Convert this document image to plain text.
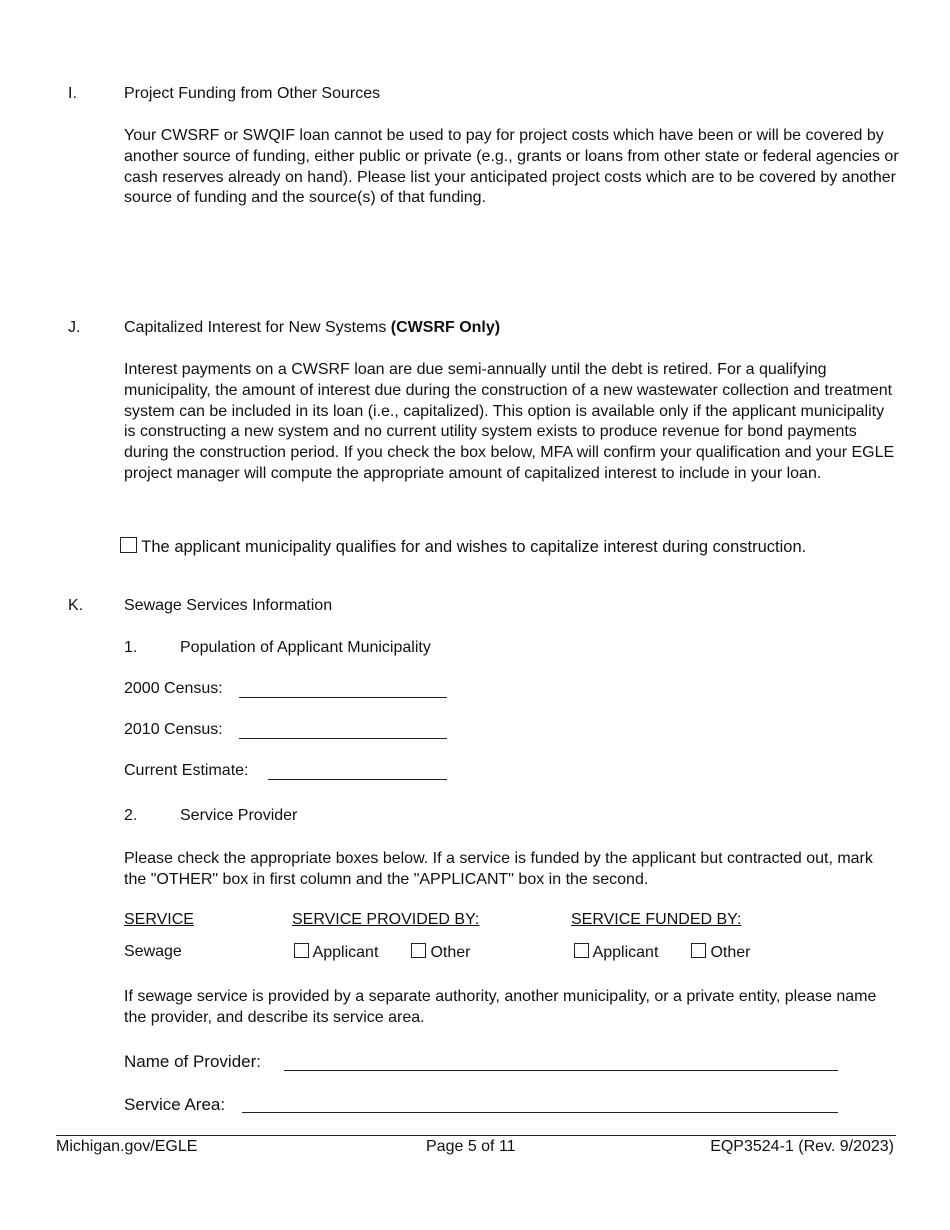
I.	Project Funding from Other Sources
Your CWSRF or SWQIF loan cannot be used to pay for project costs which have been or will be covered by another source of funding, either public or private (e.g., grants or loans from other state or federal agencies or cash reserves already on hand). Please list your anticipated project costs which are to be covered by another source of funding and the source(s) of that funding.
J.	Capitalized Interest for New Systems (CWSRF Only)
Interest payments on a CWSRF loan are due semi-annually until the debt is retired. For a qualifying municipality, the amount of interest due during the construction of a new wastewater collection and treatment system can be included in its loan (i.e., capitalized). This option is available only if the applicant municipality is constructing a new system and no current utility system exists to produce revenue for bond payments during the construction period. If you check the box below, MFA will confirm your qualification and your EGLE project manager will compute the appropriate amount of capitalized interest to include in your loan.
The applicant municipality qualifies for and wishes to capitalize interest during construction.
K.	Sewage Services Information
1.	Population of Applicant Municipality
2000 Census:
2010 Census:
Current Estimate:
2.	Service Provider
Please check the appropriate boxes below. If a service is funded by the applicant but contracted out, mark the "OTHER" box in first column and the "APPLICANT" box in the second.
SERVICE	SERVICE PROVIDED BY:	SERVICE FUNDED BY:
Sewage	Applicant	Other	Applicant	Other
If sewage service is provided by a separate authority, another municipality, or a private entity, please name the provider, and describe its service area.
Name of Provider:
Service Area:
Michigan.gov/EGLE	Page 5 of 11	EQP3524-1 (Rev. 9/2023)
